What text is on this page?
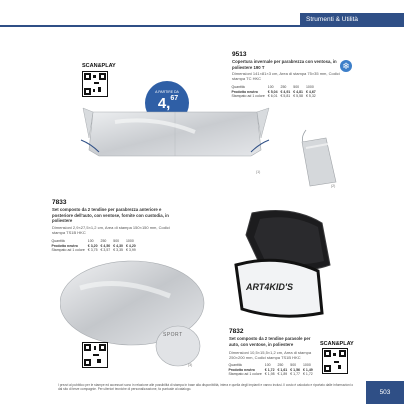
Strumenti & Utilità
SCAN&PLAY
A PARTIRE DA
4,67
(1)
(2)
9513
Copertura invernale per parabrezza con ventosa, in poliestere 190 T
Dimensioni 141×81×3 cm, Area di stampa 75×35 mm, Codici stampa TC HKC
Quantità	100	250	500	1000
Prodotto neutro	€ 5,04	€ 4,91	€ 4,81	€ 4,67
Stampato ad 1 colore	€ 6,01	€ 5,81	€ 5,58	€ 5,32
❄
7833
Set composto da 2 tendine per parabrezza anteriore e posteriore dell'auto, con ventose, fornite con custodia, in poliestere
Dimensioni 2,9×27,5×1,2 cm, Area di stampa 150×150 mm, Codici stampa TS1B HKC
Quantità	100	250	500	1000
Prodotto neutro	€ 3,20	€ 4,50	€ 4,30	€ 4,20
Stampato ad 1 colore	€ 3,75	€ 3,57	€ 3,35	€ 3,99
SPORT
(3)
ART4KID'S
7832
Set composto da 2 tendine parasole per auto, con ventose, in poliestere
Dimensioni 10,5×15,5×1,2 cm, Area di stampa 250×200 mm, Codici stampa TS1B HKC
Quantità	100	250	500	1000
Prodotto neutro	€ 1,72	€ 1,61	€ 1,56	€ 1,49
Stampato ad 1 colore	€ 1,98	€ 1,89	€ 1,77	€ 1,72
SCAN&PLAY
I prezzi al pubblico per le stampe ed accessori sono in relazione alle possibilità di stampa in base alla disponibilità, intera e quella degli impianti e vanno inclusi. Il costo è calcolato e riportato dalle informazioni o dal sito di terze compagnie. Per ulteriori tecniche di personalizzazione, fa puntuale al catalogo.	503
